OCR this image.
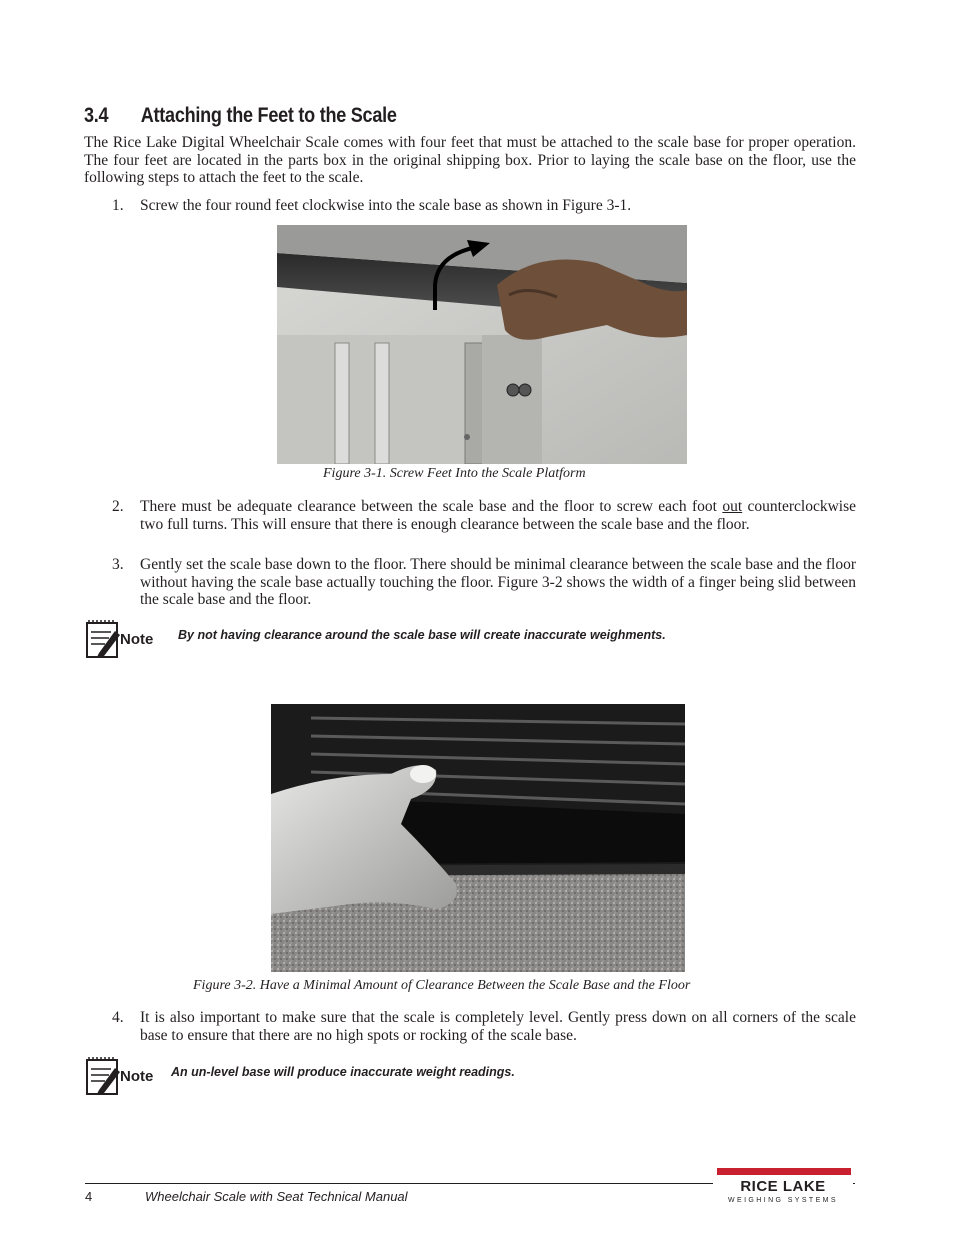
3.4 Attaching the Feet to the Scale
The Rice Lake Digital Wheelchair Scale comes with four feet that must be attached to the scale base for proper operation. The four feet are located in the parts box in the original shipping box. Prior to laying the scale base on the floor, use the following steps to attach the feet to the scale.
1. Screw the four round feet clockwise into the scale base as shown in Figure 3-1.
Figure 3-1. Screw Feet Into the Scale Platform
2. There must be adequate clearance between the scale base and the floor to screw each foot out counterclockwise two full turns. This will ensure that there is enough clearance between the scale base and the floor.
3. Gently set the scale base down to the floor. There should be minimal clearance between the scale base and the floor without having the scale base actually touching the floor. Figure 3-2 shows the width of a finger being slid between the scale base and the floor.
Note By not having clearance around the scale base will create inaccurate weighments.
Figure 3-2. Have a Minimal Amount of Clearance Between the Scale Base and the Floor
4. It is also important to make sure that the scale is completely level. Gently press down on all corners of the scale base to ensure that there are no high spots or rocking of the scale base.
Note An un-level base will produce inaccurate weight readings.
4	Wheelchair Scale with Seat Technical Manual
RICE LAKE
WEIGHING SYSTEMS
